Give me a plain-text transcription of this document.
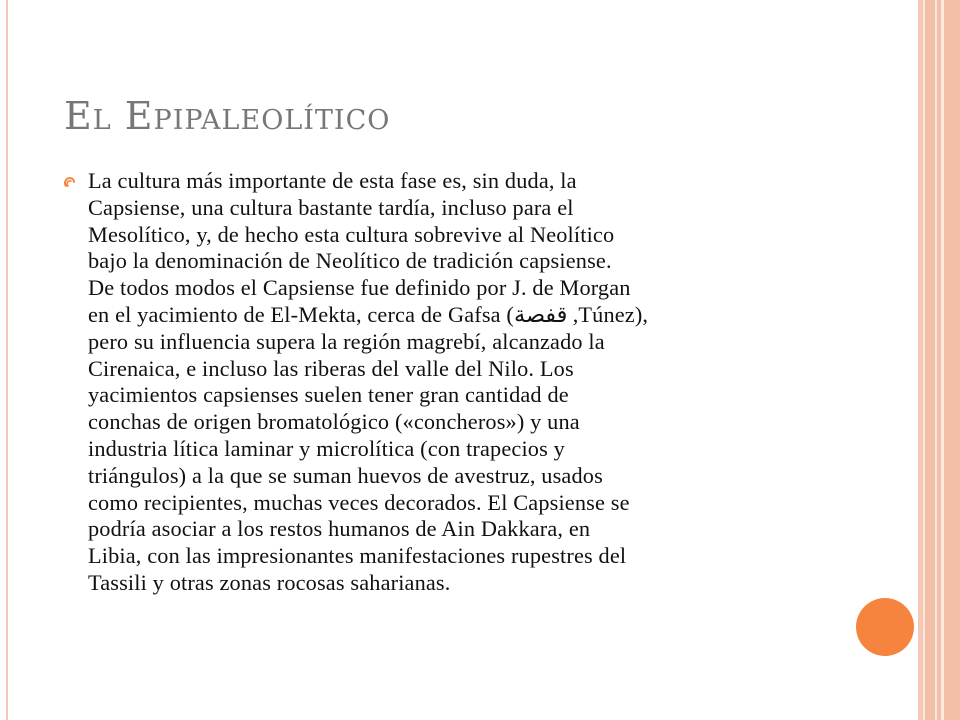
EL EPIPALEOLÍTICO

La cultura más importante de esta fase es, sin duda, la
Capsiense, una cultura bastante tardía, incluso para el
Mesolítico, y, de hecho esta cultura sobrevive al Neolítico
bajo la denominación de Neolítico de tradición capsiense.
De todos modos el Capsiense fue definido por J. de Morgan
en el yacimiento de El-Mekta, cerca de Gafsa (قفصة ,Túnez),
pero su influencia supera la región magrebí, alcanzado la
Cirenaica, e incluso las riberas del valle del Nilo. Los
yacimientos capsienses suelen tener gran cantidad de
conchas de origen bromatológico («concheros») y una
industria lítica laminar y microlítica (con trapecios y
triángulos) a la que se suman huevos de avestruz, usados
como recipientes, muchas veces decorados. El Capsiense se
podría asociar a los restos humanos de Ain Dakkara, en
Libia, con las impresionantes manifestaciones rupestres del
Tassili y otras zonas rocosas saharianas.
